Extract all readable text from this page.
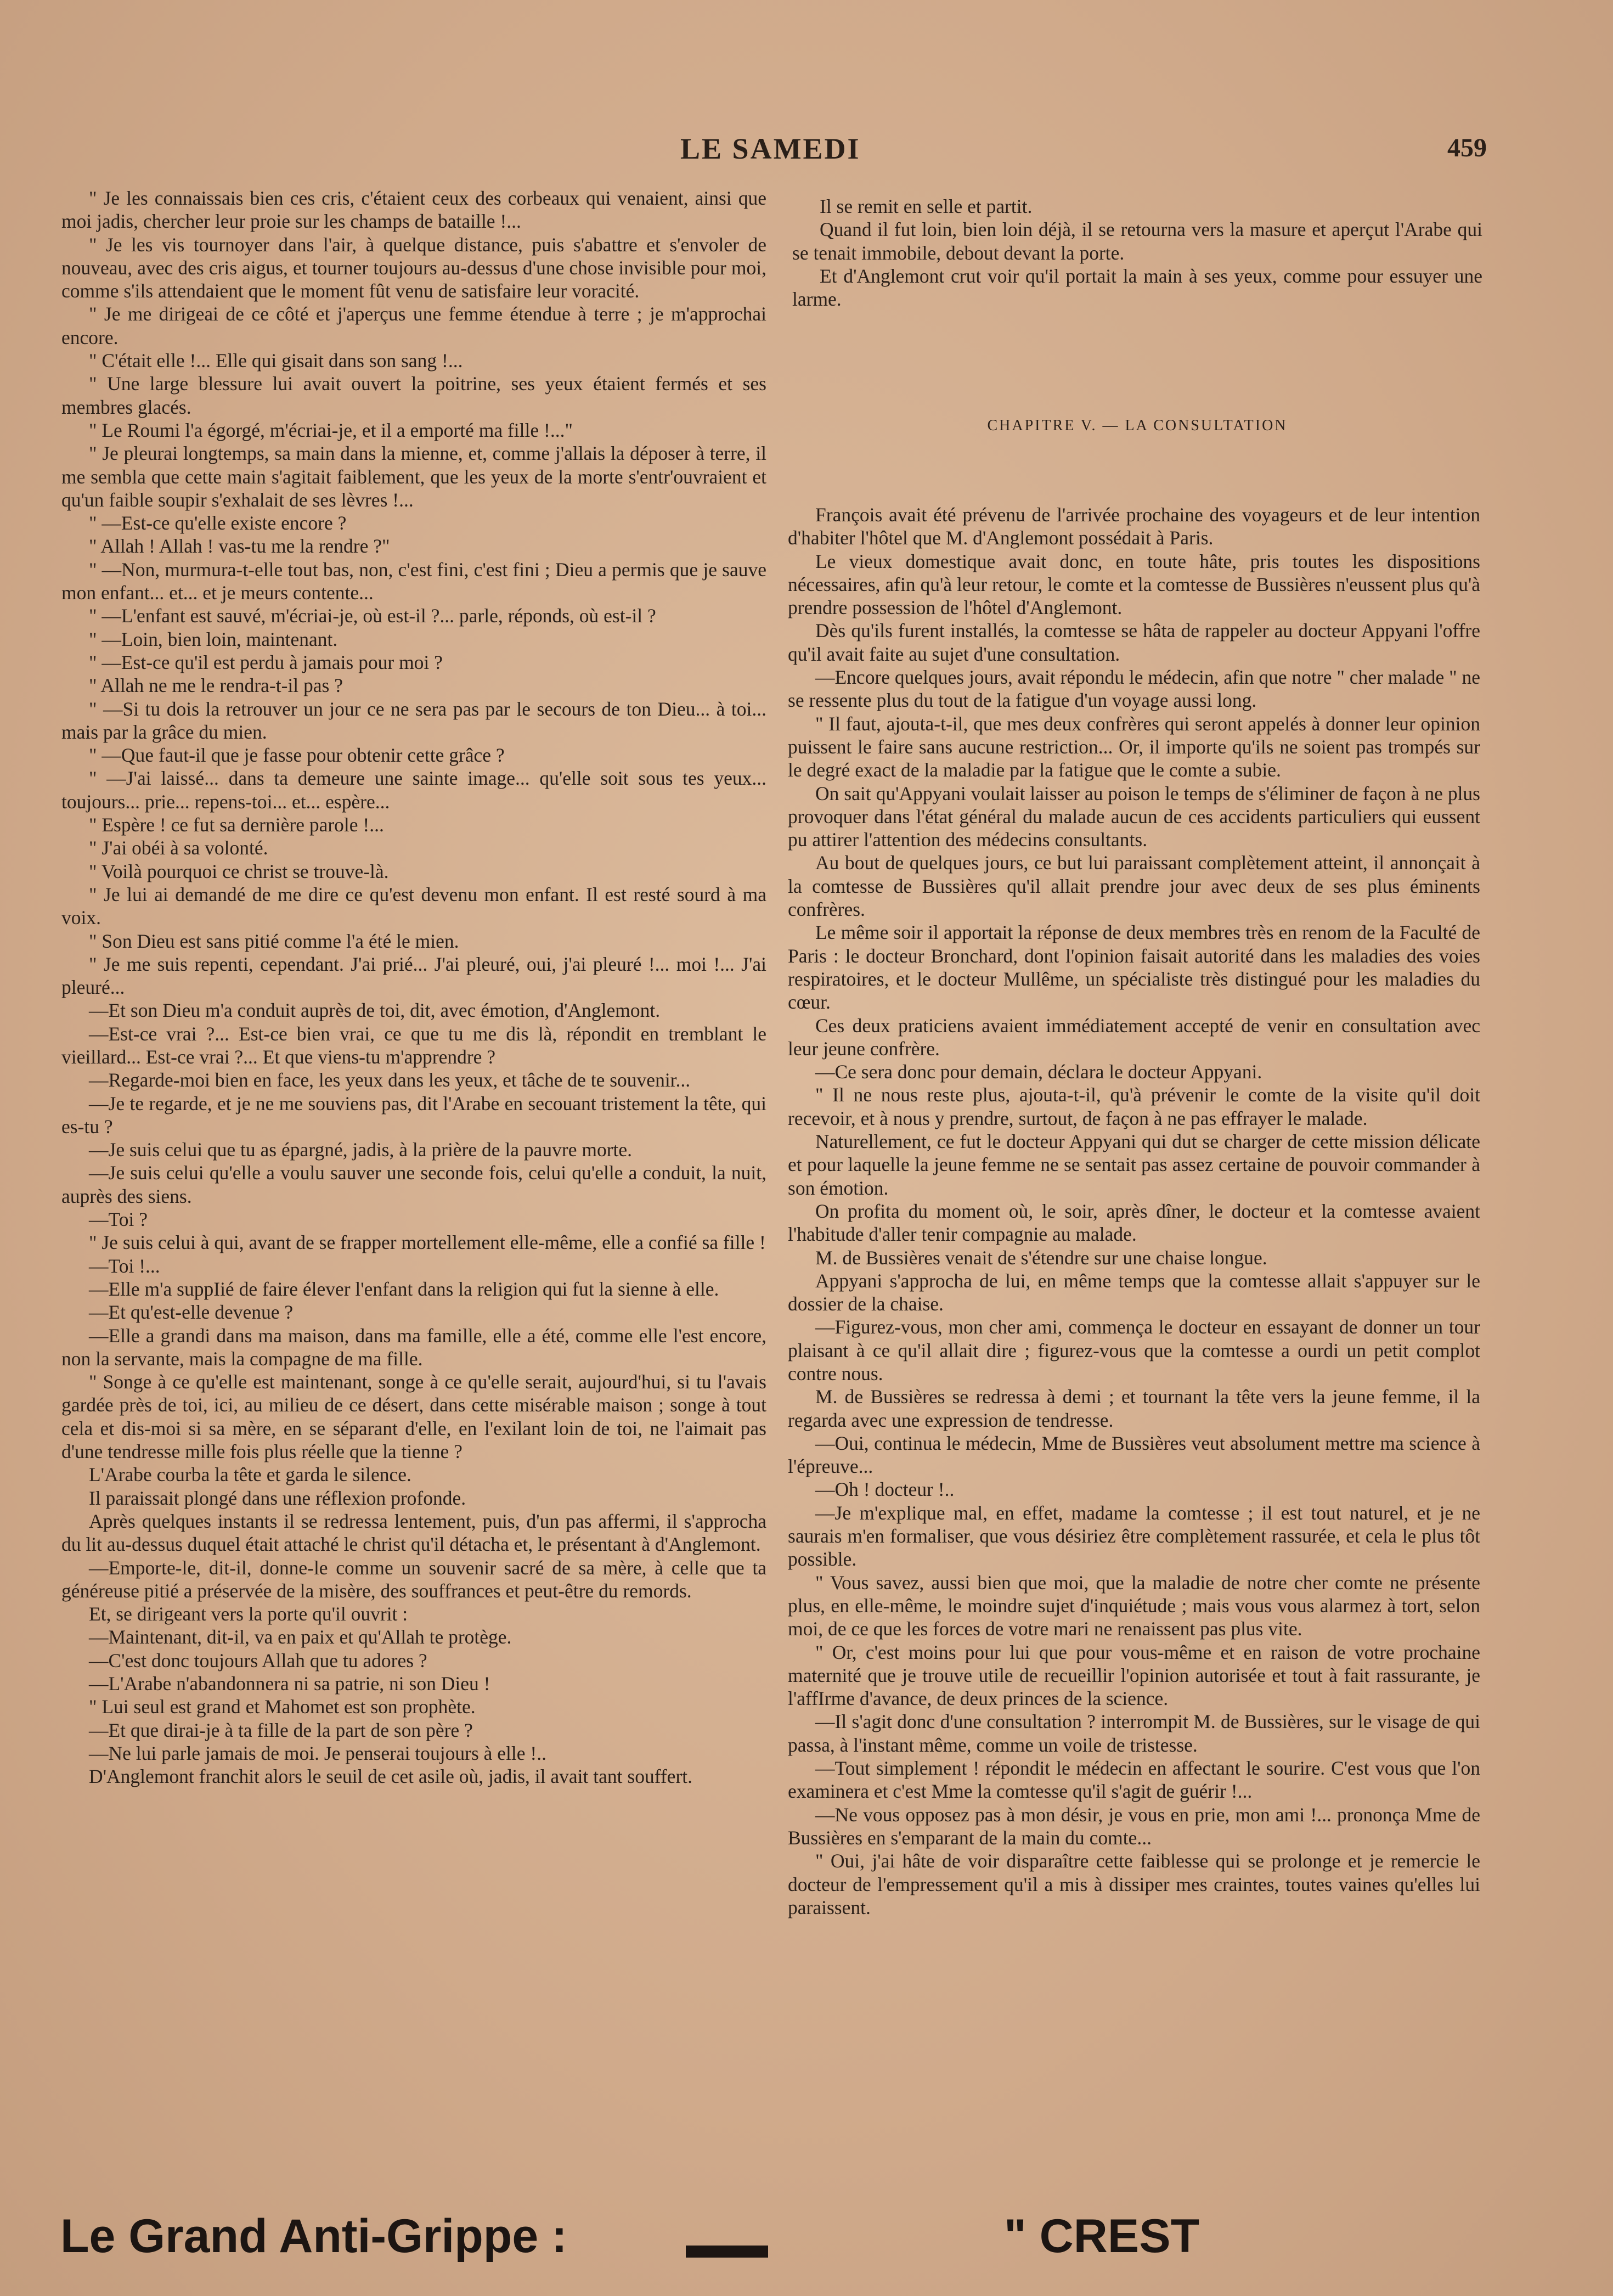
LE SAMEDI	459

" Je les connaissais bien ces cris, c'étaient ceux des corbeaux qui venaient, ainsi que moi jadis, chercher leur proie sur les champs de bataille !...

" Je les vis tournoyer dans l'air, à quelque distance, puis s'abattre et s'envoler de nouveau, avec des cris aigus, et tourner toujours au-dessus d'une chose invisible pour moi, comme s'ils attendaient que le moment fût venu de satisfaire leur voracité.

" Je me dirigeai de ce côté et j'aperçus une femme étendue à terre ; je m'approchai encore.

" C'était elle !... Elle qui gisait dans son sang !...

" Une large blessure lui avait ouvert la poitrine, ses yeux étaient fermés et ses membres glacés.

" Le Roumi l'a égorgé, m'écriai-je, et il a emporté ma fille !..."

" Je pleurai longtemps, sa main dans la mienne, et, comme j'allais la déposer à terre, il me sembla que cette main s'agitait faiblement, que les yeux de la morte s'entr'ouvraient et qu'un faible soupir s'exhalait de ses lèvres !...

" —Est-ce qu'elle existe encore ?

" Allah ! Allah ! vas-tu me la rendre ?"

" —Non, murmura-t-elle tout bas, non, c'est fini, c'est fini ; Dieu a permis que je sauve mon enfant... et... et je meurs contente...

" —L'enfant est sauvé, m'écriai-je, où est-il ?... parle, réponds, où est-il ?

" —Loin, bien loin, maintenant.

" —Est-ce qu'il est perdu à jamais pour moi ?

" Allah ne me le rendra-t-il pas ?

" —Si tu dois la retrouver un jour ce ne sera pas par le secours de ton Dieu... à toi... mais par la grâce du mien.

" —Que faut-il que je fasse pour obtenir cette grâce ?

" —J'ai laissé... dans ta demeure une sainte image... qu'elle soit sous tes yeux... toujours... prie... repens-toi... et... espère...

" Espère ! ce fut sa dernière parole !...

" J'ai obéi à sa volonté.

" Voilà pourquoi ce christ se trouve-là.

" Je lui ai demandé de me dire ce qu'est devenu mon enfant. Il est resté sourd à ma voix.

" Son Dieu est sans pitié comme l'a été le mien.

" Je me suis repenti, cependant. J'ai prié... J'ai pleuré, oui, j'ai pleuré !... moi !... J'ai pleuré...

—Et son Dieu m'a conduit auprès de toi, dit, avec émotion, d'Anglemont.

—Est-ce vrai ?... Est-ce bien vrai, ce que tu me dis là, répondit en tremblant le vieillard... Est-ce vrai ?... Et que viens-tu m'apprendre ?

—Regarde-moi bien en face, les yeux dans les yeux, et tâche de te souvenir...

—Je te regarde, et je ne me souviens pas, dit l'Arabe en secouant tristement la tête, qui es-tu ?

—Je suis celui que tu as épargné, jadis, à la prière de la pauvre morte.

—Je suis celui qu'elle a voulu sauver une seconde fois, celui qu'elle a conduit, la nuit, auprès des siens.

—Toi ?

" Je suis celui à qui, avant de se frapper mortellement elle-même, elle a confié sa fille !

—Toi !...

—Elle m'a suppIié de faire élever l'enfant dans la religion qui fut la sienne à elle.

—Et qu'est-elle devenue ?

—Elle a grandi dans ma maison, dans ma famille, elle a été, comme elle l'est encore, non la servante, mais la compagne de ma fille.

" Songe à ce qu'elle est maintenant, songe à ce qu'elle serait, aujourd'hui, si tu l'avais gardée près de toi, ici, au milieu de ce désert, dans cette misérable maison ; songe à tout cela et dis-moi si sa mère, en se séparant d'elle, en l'exilant loin de toi, ne l'aimait pas d'une tendresse mille fois plus réelle que la tienne ?

L'Arabe courba la tête et garda le silence.

Il paraissait plongé dans une réflexion profonde.

Après quelques instants il se redressa lentement, puis, d'un pas affermi, il s'approcha du lit au-dessus duquel était attaché le christ qu'il détacha et, le présentant à d'Anglemont.

—Emporte-le, dit-il, donne-le comme un souvenir sacré de sa mère, à celle que ta généreuse pitié a préservée de la misère, des souffrances et peut-être du remords.

Et, se dirigeant vers la porte qu'il ouvrit :

—Maintenant, dit-il, va en paix et qu'Allah te protège.

—C'est donc toujours Allah que tu adores ?

—L'Arabe n'abandonnera ni sa patrie, ni son Dieu !

" Lui seul est grand et Mahomet est son prophète.

—Et que dirai-je à ta fille de la part de son père ?

—Ne lui parle jamais de moi. Je penserai toujours à elle !..

D'Anglemont franchit alors le seuil de cet asile où, jadis, il avait tant souffert.

Il se remit en selle et partit.

Quand il fut loin, bien loin déjà, il se retourna vers la masure et aperçut l'Arabe qui se tenait immobile, debout devant la porte.

Et d'Anglemont crut voir qu'il portait la main à ses yeux, comme pour essuyer une larme.

CHAPITRE V. — LA CONSULTATION

François avait été prévenu de l'arrivée prochaine des voyageurs et de leur intention d'habiter l'hôtel que M. d'Anglemont possédait à Paris.

Le vieux domestique avait donc, en toute hâte, pris toutes les dispositions nécessaires, afin qu'à leur retour, le comte et la comtesse de Bussières n'eussent plus qu'à prendre possession de l'hôtel d'Anglemont.

Dès qu'ils furent installés, la comtesse se hâta de rappeler au docteur Appyani l'offre qu'il avait faite au sujet d'une consultation.

—Encore quelques jours, avait répondu le médecin, afin que notre " cher malade " ne se ressente plus du tout de la fatigue d'un voyage aussi long.

" Il faut, ajouta-t-il, que mes deux confrères qui seront appelés à donner leur opinion puissent le faire sans aucune restriction... Or, il importe qu'ils ne soient pas trompés sur le degré exact de la maladie par la fatigue que le comte a subie.

On sait qu'Appyani voulait laisser au poison le temps de s'éliminer de façon à ne plus provoquer dans l'état général du malade aucun de ces accidents particuliers qui eussent pu attirer l'attention des médecins consultants.

Au bout de quelques jours, ce but lui paraissant complètement atteint, il annonçait à la comtesse de Bussières qu'il allait prendre jour avec deux de ses plus éminents confrères.

Le même soir il apportait la réponse de deux membres très en renom de la Faculté de Paris : le docteur Bronchard, dont l'opinion faisait autorité dans les maladies des voies respiratoires, et le docteur Mullême, un spécialiste très distingué pour les maladies du cœur.

Ces deux praticiens avaient immédiatement accepté de venir en consultation avec leur jeune confrère.

—Ce sera donc pour demain, déclara le docteur Appyani.

" Il ne nous reste plus, ajouta-t-il, qu'à prévenir le comte de la visite qu'il doit recevoir, et à nous y prendre, surtout, de façon à ne pas effrayer le malade.

Naturellement, ce fut le docteur Appyani qui dut se charger de cette mission délicate et pour laquelle la jeune femme ne se sentait pas assez certaine de pouvoir commander à son émotion.

On profita du moment où, le soir, après dîner, le docteur et la comtesse avaient l'habitude d'aller tenir compagnie au malade.

M. de Bussières venait de s'étendre sur une chaise longue.

Appyani s'approcha de lui, en même temps que la comtesse allait s'appuyer sur le dossier de la chaise.

—Figurez-vous, mon cher ami, commença le docteur en essayant de donner un tour plaisant à ce qu'il allait dire ; figurez-vous que la comtesse a ourdi un petit complot contre nous.

M. de Bussières se redressa à demi ; et tournant la tête vers la jeune femme, il la regarda avec une expression de tendresse.

—Oui, continua le médecin, Mme de Bussières veut absolument mettre ma science à l'épreuve...

—Oh ! docteur !..

—Je m'explique mal, en effet, madame la comtesse ; il est tout naturel, et je ne saurais m'en formaliser, que vous désiriez être complètement rassurée, et cela le plus tôt possible.

" Vous savez, aussi bien que moi, que la maladie de notre cher comte ne présente plus, en elle-même, le moindre sujet d'inquiétude ; mais vous vous alarmez à tort, selon moi, de ce que les forces de votre mari ne renaissent pas plus vite.

" Or, c'est moins pour lui que pour vous-même et en raison de votre prochaine maternité que je trouve utile de recueillir l'opinion autorisée et tout à fait rassurante, je l'affIrme d'avance, de deux princes de la science.

—Il s'agit donc d'une consultation ? interrompit M. de Bussières, sur le visage de qui passa, à l'instant même, comme un voile de tristesse.

—Tout simplement ! répondit le médecin en affectant le sourire. C'est vous que l'on examinera et c'est Mme la comtesse qu'il s'agit de guérir !...

—Ne vous opposez pas à mon désir, je vous en prie, mon ami !... prononça Mme de Bussières en s'emparant de la main du comte...

" Oui, j'ai hâte de voir disparaître cette faiblesse qui se prolonge et je remercie le docteur de l'empressement qu'il a mis à dissiper mes craintes, toutes vaines qu'elles lui paraissent.

Le Grand Anti-Grippe :	" CREST
